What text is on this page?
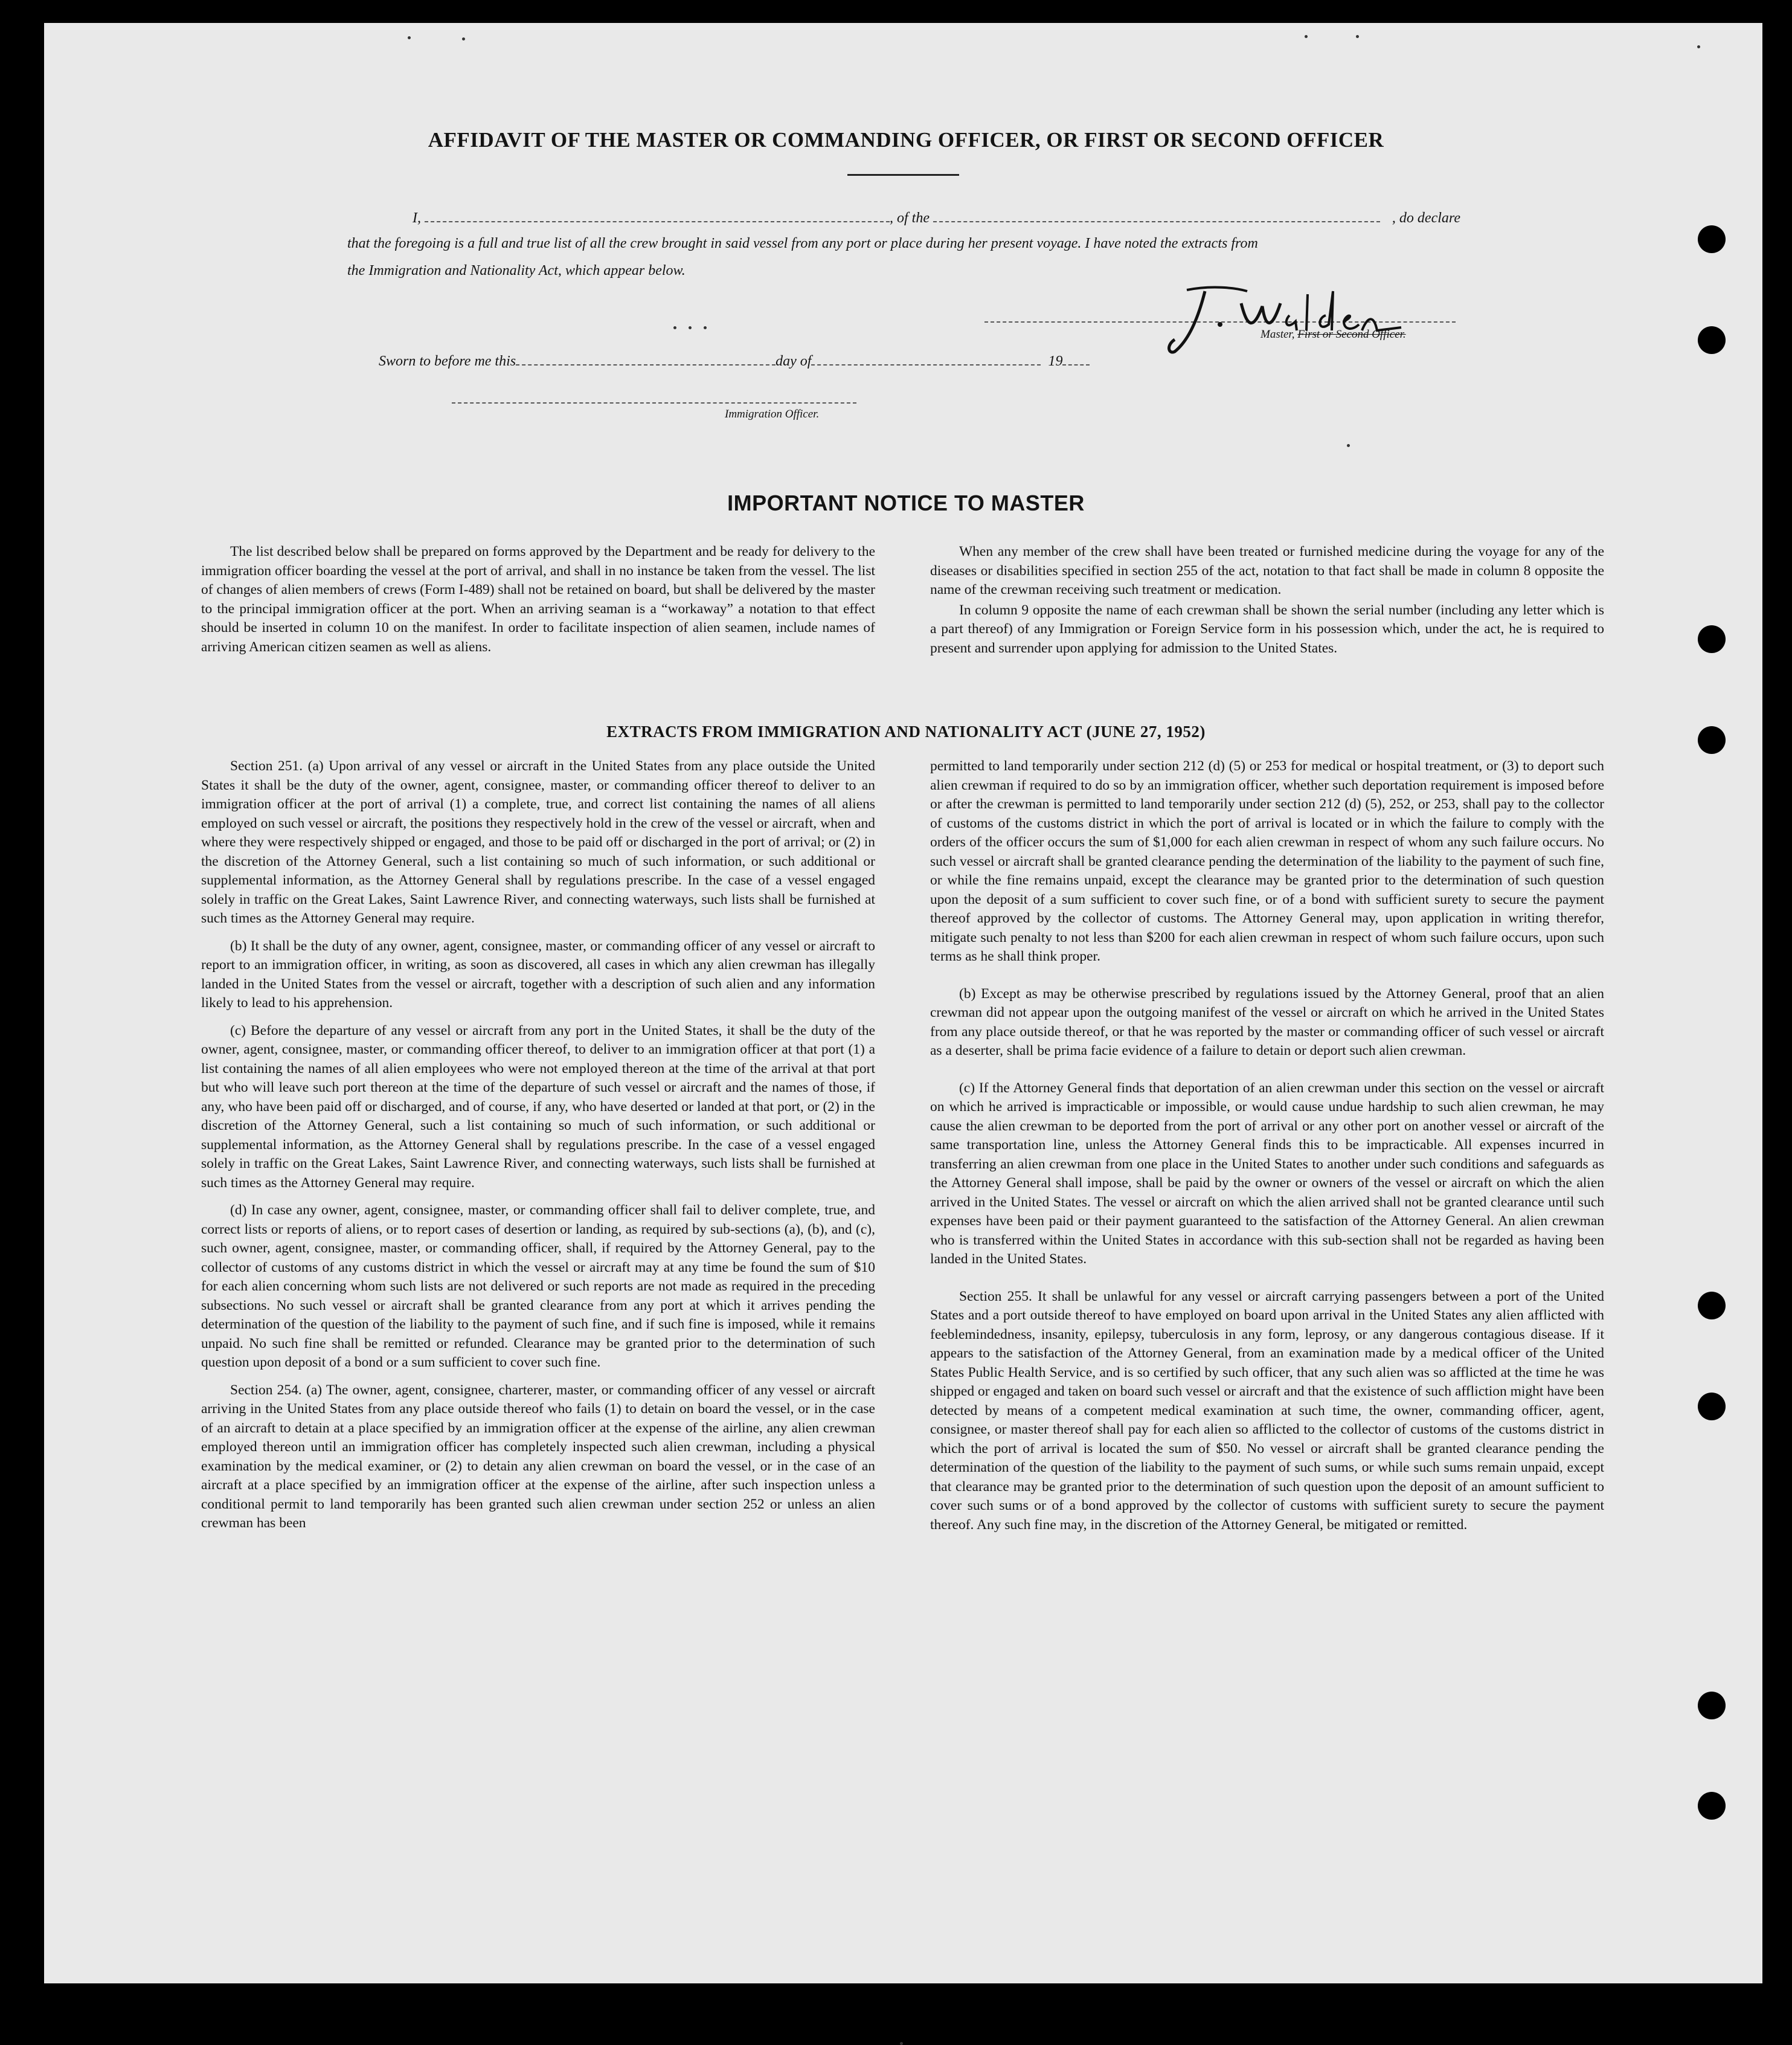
AFFIDAVIT OF THE MASTER OR COMMANDING OFFICER, OR FIRST OR SECOND OFFICER
I,	, of the	, do declare
that the foregoing is a full and true list of all the crew brought in said vessel from any port or place during her present voyage. I have noted the extracts from
the Immigration and Nationality Act, which appear below.
Master, First or Second Officer.
Sworn to before me this	day of	19
Immigration Officer.
IMPORTANT NOTICE TO MASTER

The list described below shall be prepared on forms approved by the Department and be ready for delivery to the immigration officer boarding the vessel at the port of arrival, and shall in no instance be taken from the vessel. The list of changes of alien members of crews (Form I-489) shall not be retained on board, but shall be delivered by the master to the principal immigration officer at the port. When an arriving seaman is a “workaway” a notation to that effect should be inserted in column 10 on the manifest. In order to facilitate inspection of alien seamen, include names of arriving American citizen seamen as well as aliens.

When any member of the crew shall have been treated or furnished medicine during the voyage for any of the diseases or disabilities specified in section 255 of the act, notation to that fact shall be made in column 8 opposite the name of the crewman receiving such treatment or medication.

In column 9 opposite the name of each crewman shall be shown the serial number (including any letter which is a part thereof) of any Immigration or Foreign Service form in his possession which, under the act, he is required to present and surrender upon applying for admission to the United States.

EXTRACTS FROM IMMIGRATION AND NATIONALITY ACT (JUNE 27, 1952)

Section 251. (a) Upon arrival of any vessel or aircraft in the United States from any place outside the United States it shall be the duty of the owner, agent, consignee, master, or commanding officer thereof to deliver to an immigration officer at the port of arrival (1) a complete, true, and correct list containing the names of all aliens employed on such vessel or aircraft, the positions they respectively hold in the crew of the vessel or aircraft, when and where they were respectively shipped or engaged, and those to be paid off or discharged in the port of arrival; or (2) in the discretion of the Attorney General, such a list containing so much of such information, or such additional or supplemental information, as the Attorney General shall by regulations prescribe. In the case of a vessel engaged solely in traffic on the Great Lakes, Saint Lawrence River, and connecting waterways, such lists shall be furnished at such times as the Attorney General may require.

(b) It shall be the duty of any owner, agent, consignee, master, or commanding officer of any vessel or aircraft to report to an immigration officer, in writing, as soon as discovered, all cases in which any alien crewman has illegally landed in the United States from the vessel or aircraft, together with a description of such alien and any information likely to lead to his apprehension.

(c) Before the departure of any vessel or aircraft from any port in the United States, it shall be the duty of the owner, agent, consignee, master, or commanding officer thereof, to deliver to an immigration officer at that port (1) a list containing the names of all alien employees who were not employed thereon at the time of the arrival at that port but who will leave such port thereon at the time of the departure of such vessel or aircraft and the names of those, if any, who have been paid off or discharged, and of course, if any, who have deserted or landed at that port, or (2) in the discretion of the Attorney General, such a list containing so much of such information, or such additional or supplemental information, as the Attorney General shall by regulations prescribe. In the case of a vessel engaged solely in traffic on the Great Lakes, Saint Lawrence River, and connecting waterways, such lists shall be furnished at such times as the Attorney General may require.

(d) In case any owner, agent, consignee, master, or commanding officer shall fail to deliver complete, true, and correct lists or reports of aliens, or to report cases of desertion or landing, as required by sub-sections (a), (b), and (c), such owner, agent, consignee, master, or commanding officer, shall, if required by the Attorney General, pay to the collector of customs of any customs district in which the vessel or aircraft may at any time be found the sum of $10 for each alien concerning whom such lists are not delivered or such reports are not made as required in the preceding subsections. No such vessel or aircraft shall be granted clearance from any port at which it arrives pending the determination of the question of the liability to the payment of such fine, and if such fine is imposed, while it remains unpaid. No such fine shall be remitted or refunded. Clearance may be granted prior to the determination of such question upon deposit of a bond or a sum sufficient to cover such fine.

Section 254. (a) The owner, agent, consignee, charterer, master, or commanding officer of any vessel or aircraft arriving in the United States from any place outside thereof who fails (1) to detain on board the vessel, or in the case of an aircraft to detain at a place specified by an immigration officer at the expense of the airline, any alien crewman employed thereon until an immigration officer has completely inspected such alien crewman, including a physical examination by the medical examiner, or (2) to detain any alien crewman on board the vessel, or in the case of an aircraft at a place specified by an immigration officer at the expense of the airline, after such inspection unless a conditional permit to land temporarily has been granted such alien crewman under section 252 or unless an alien crewman has been

permitted to land temporarily under section 212 (d) (5) or 253 for medical or hospital treatment, or (3) to deport such alien crewman if required to do so by an immigration officer, whether such deportation requirement is imposed before or after the crewman is permitted to land temporarily under section 212 (d) (5), 252, or 253, shall pay to the collector of customs of the customs district in which the port of arrival is located or in which the failure to comply with the orders of the officer occurs the sum of $1,000 for each alien crewman in respect of whom any such failure occurs. No such vessel or aircraft shall be granted clearance pending the determination of the liability to the payment of such fine, or while the fine remains unpaid, except the clearance may be granted prior to the determination of such question upon the deposit of a sum sufficient to cover such fine, or of a bond with sufficient surety to secure the payment thereof approved by the collector of customs. The Attorney General may, upon application in writing therefor, mitigate such penalty to not less than $200 for each alien crewman in respect of whom such failure occurs, upon such terms as he shall think proper.

(b) Except as may be otherwise prescribed by regulations issued by the Attorney General, proof that an alien crewman did not appear upon the outgoing manifest of the vessel or aircraft on which he arrived in the United States from any place outside thereof, or that he was reported by the master or commanding officer of such vessel or aircraft as a deserter, shall be prima facie evidence of a failure to detain or deport such alien crewman.

(c) If the Attorney General finds that deportation of an alien crewman under this section on the vessel or aircraft on which he arrived is impracticable or impossible, or would cause undue hardship to such alien crewman, he may cause the alien crewman to be deported from the port of arrival or any other port on another vessel or aircraft of the same transportation line, unless the Attorney General finds this to be impracticable. All expenses incurred in transferring an alien crewman from one place in the United States to another under such conditions and safeguards as the Attorney General shall impose, shall be paid by the owner or owners of the vessel or aircraft on which the alien arrived in the United States. The vessel or aircraft on which the alien arrived shall not be granted clearance until such expenses have been paid or their payment guaranteed to the satisfaction of the Attorney General. An alien crewman who is transferred within the United States in accordance with this sub-section shall not be regarded as having been landed in the United States.

Section 255. It shall be unlawful for any vessel or aircraft carrying passengers between a port of the United States and a port outside thereof to have employed on board upon arrival in the United States any alien afflicted with feeblemindedness, insanity, epilepsy, tuberculosis in any form, leprosy, or any dangerous contagious disease. If it appears to the satisfaction of the Attorney General, from an examination made by a medical officer of the United States Public Health Service, and is so certified by such officer, that any such alien was so afflicted at the time he was shipped or engaged and taken on board such vessel or aircraft and that the existence of such affliction might have been detected by means of a competent medical examination at such time, the owner, commanding officer, agent, consignee, or master thereof shall pay for each alien so afflicted to the collector of customs of the customs district in which the port of arrival is located the sum of $50. No vessel or aircraft shall be granted clearance pending the determination of the question of the liability to the payment of such sums, or while such sums remain unpaid, except that clearance may be granted prior to the determination of such question upon the deposit of an amount sufficient to cover such sums or of a bond approved by the collector of customs with sufficient surety to secure the payment thereof. Any such fine may, in the discretion of the Attorney General, be mitigated or remitted.
